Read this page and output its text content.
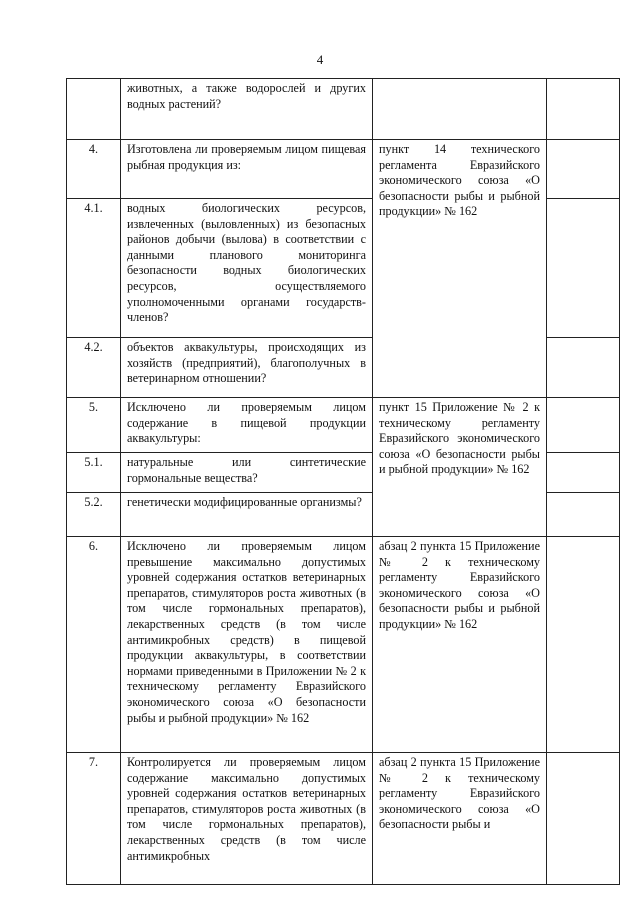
4

	животных, а также водорослей и других водных растений?		

4.	Изготовлена ли проверяемым лицом пищевая рыбная продукция из:	пункт 14 технического регламента Евразийского экономического союза «О безопасности рыбы и рыбной продукции» № 162	

4.1.	водных биологических ресурсов, извлеченных (выловленных) из безопасных районов добычи (вылова) в соответствии с данными планового мониторинга безопасности водных биологических ресурсов, осуществляемого уполномоченными органами государств-членов?		

4.2.	объектов аквакультуры, происходящих из хозяйств (предприятий), благополучных в ветеринарном отношении?		

5.	Исключено ли проверяемым лицом содержание в пищевой продукции аквакультуры:	пункт 15 Приложение № 2 к техническому регламенту Евразийского экономического союза «О безопасности рыбы и рыбной продукции» № 162	

5.1.	натуральные или синтетические гормональные вещества?		

5.2.	генетически модифицированные организмы?		

6.	Исключено ли проверяемым лицом превышение максимально допустимых уровней содержания остатков ветеринарных препаратов, стимуляторов роста животных (в том числе гормональных препаратов), лекарственных средств (в том числе антимикробных средств) в пищевой продукции аквакультуры, в соответствии нормами приведенными в Приложении № 2 к техническому регламенту Евразийского экономического союза «О безопасности рыбы и рыбной продукции» № 162	абзац 2 пункта 15 Приложение № 2 к техническому регламенту Евразийского экономического союза «О безопасности рыбы и рыбной продукции» № 162	

7.	Контролируется ли проверяемым лицом содержание максимально допустимых уровней содержания остатков ветеринарных препаратов, стимуляторов роста животных (в том числе гормональных препаратов), лекарственных средств (в том числе антимикробных	абзац 2 пункта 15 Приложение № 2 к техническому регламенту Евразийского экономического союза «О безопасности рыбы и	
